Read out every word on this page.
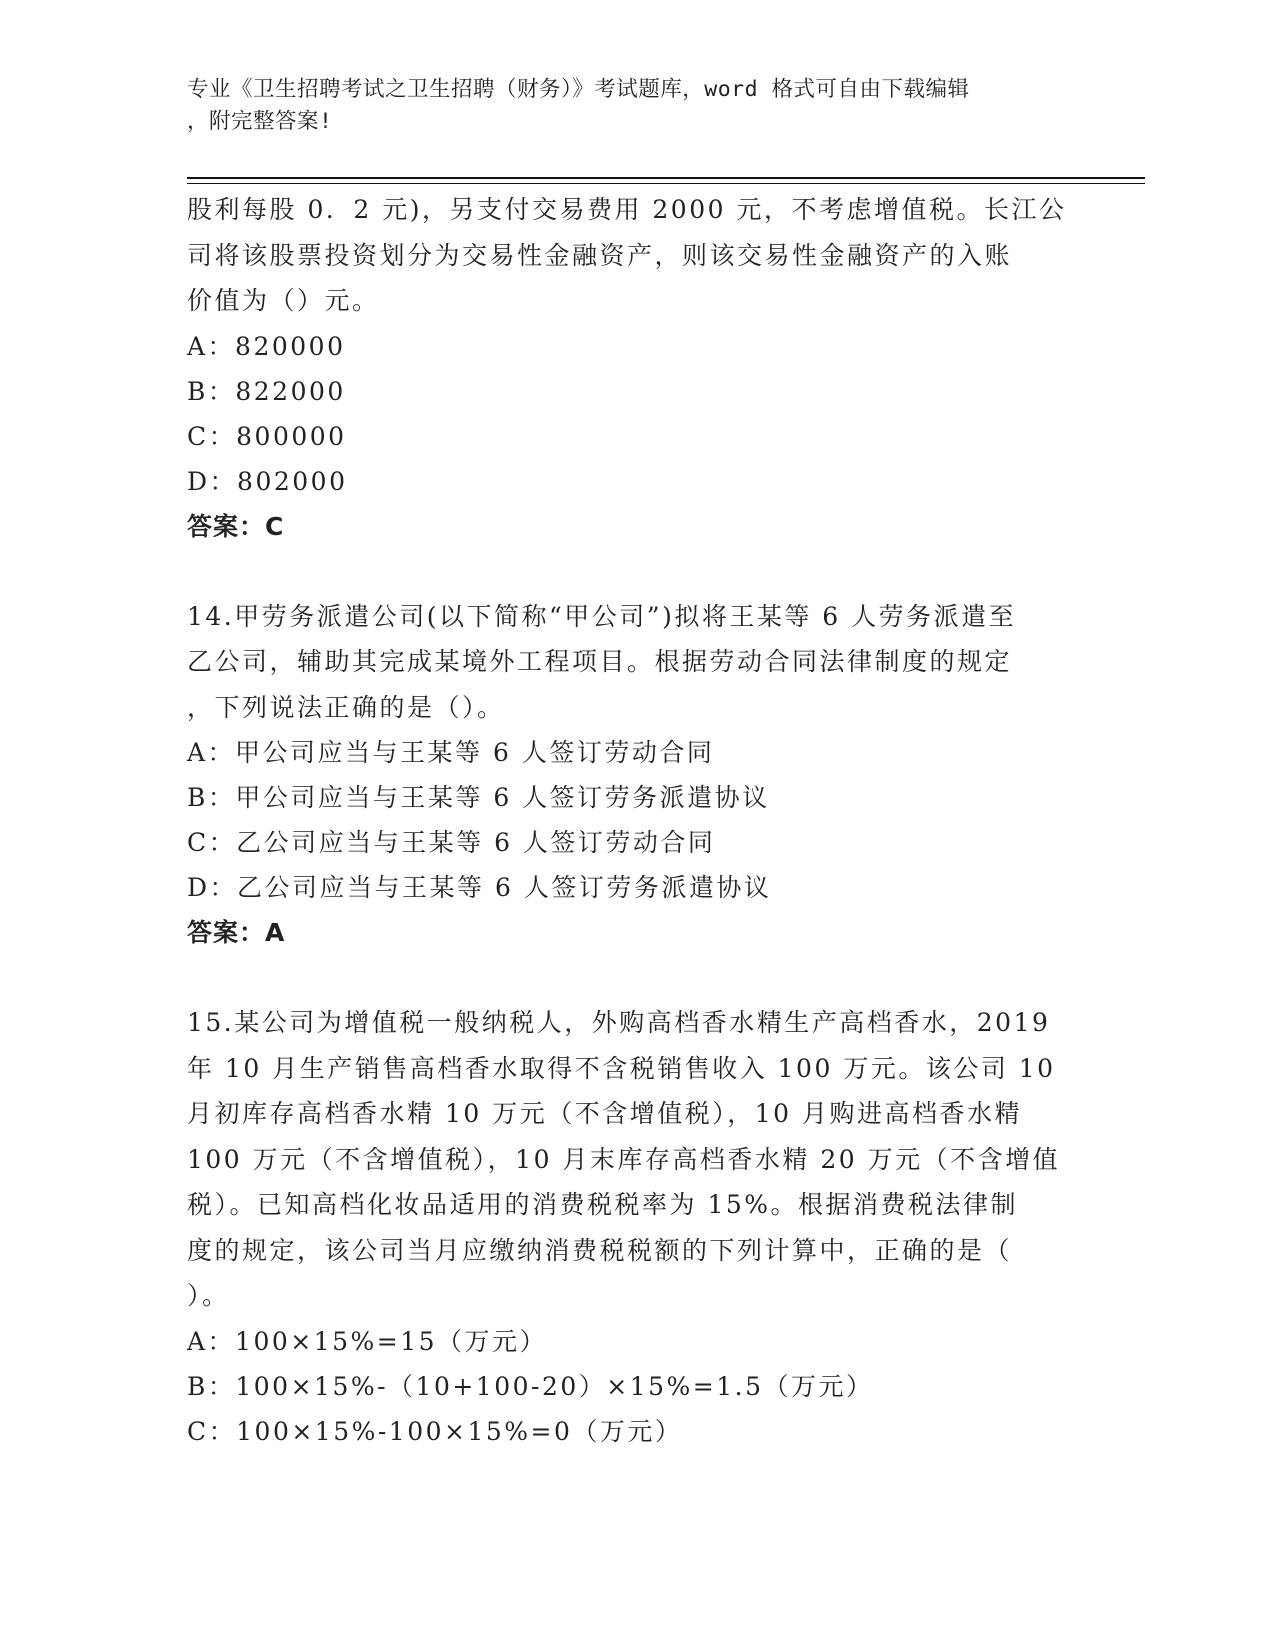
专业《卫生招聘考试之卫生招聘（财务）》考试题库，word 格式可自由下载编辑
，附完整答案!

股利每股 0．2 元)，另支付交易费用 2000 元，不考虑增值税。长江公

司将该股票投资划分为交易性金融资产，则该交易性金融资产的入账

价值为（）元。

A：820000

B：822000

C：800000

D：802000

答案：C

14.甲劳务派遣公司(以下简称“甲公司”)拟将王某等 6 人劳务派遣至

乙公司，辅助其完成某境外工程项目。根据劳动合同法律制度的规定

，下列说法正确的是（）。

A：甲公司应当与王某等 6 人签订劳动合同

B：甲公司应当与王某等 6 人签订劳务派遣协议

C：乙公司应当与王某等 6 人签订劳动合同

D：乙公司应当与王某等 6 人签订劳务派遣协议

答案：A

15.某公司为增值税一般纳税人，外购高档香水精生产高档香水，2019

年 10 月生产销售高档香水取得不含税销售收入 100 万元。该公司 10

月初库存高档香水精 10 万元（不含增值税），10 月购进高档香水精

100 万元（不含增值税），10 月末库存高档香水精 20 万元（不含增值

税）。已知高档化妆品适用的消费税税率为 15%。根据消费税法律制

度的规定，该公司当月应缴纳消费税税额的下列计算中，正确的是（

）。

A：100×15%=15（万元）

B：100×15%-（10+100-20）×15%=1.5（万元）

C：100×15%-100×15%=0（万元）
